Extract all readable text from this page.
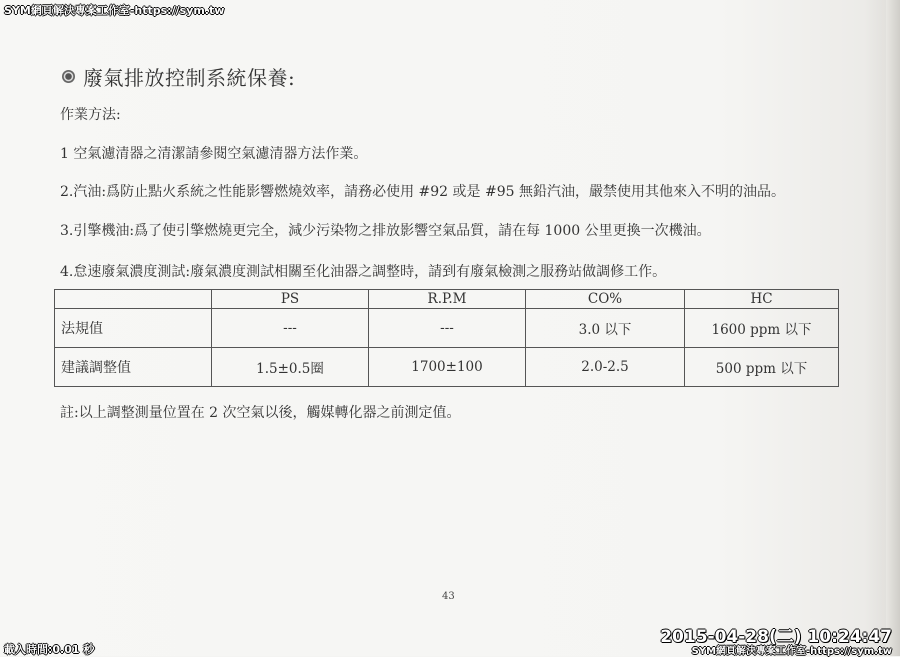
SYM網頁解決專案工作室-https://sym.tw
廢氣排放控制系統保養:
作業方法:
1 空氣濾清器之清潔請參閱空氣濾清器方法作業。
2.汽油:爲防止點火系統之性能影響燃燒效率，請務必使用 #92 或是 #95 無鉛汽油，嚴禁使用其他來入不明的油品。
3.引擎機油:爲了使引擎燃燒更完全，減少污染物之排放影響空氣品質，請在每 1000 公里更換一次機油。
4.怠速廢氣濃度測試:廢氣濃度測試相關至化油器之調整時，請到有廢氣檢測之服務站做調修工作。
	PS	R.P.M	CO%	HC
法規值	---	---	3.0 以下	1600 ppm 以下
建議調整值	1.5±0.5圈	1700±100	2.0-2.5	500 ppm 以下
註:以上調整測量位置在 2 次空氣以後，觸媒轉化器之前測定值。
43
2015-04-28(二) 10:24:47
SYM網頁解決專案工作室-https://sym.tw
載入時間:0.01 秒
